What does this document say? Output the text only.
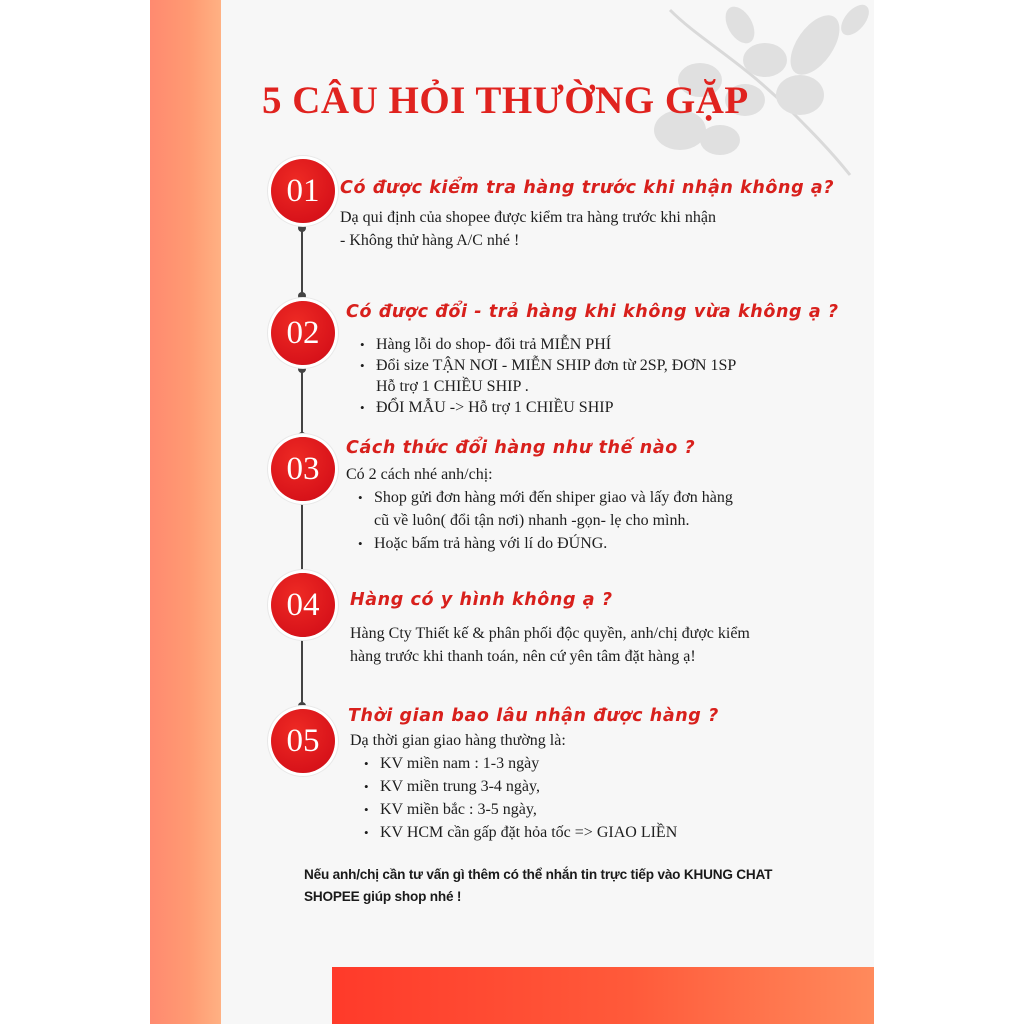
5 CÂU HỎI THƯỜNG GẶP
01	Có được kiểm tra hàng trước khi nhận không ạ?

Dạ qui định của shopee được kiểm tra hàng trước khi nhận

- Không thử hàng A/C nhé !

02
Có được đổi - trả hàng khi không vừa không ạ ?
• Hàng lỗi do shop- đổi trả MIỄN PHÍ
• Đổi size TẬN NƠI - MIỄN SHIP đơn từ 2SP, ĐƠN 1SP
Hỗ trợ 1 CHIỀU SHIP .
• ĐỔI MẪU -> Hỗ trợ 1 CHIỀU SHIP
03
Cách thức đổi hàng như thế nào ?

Có 2 cách nhé anh/chị:

• Shop gửi đơn hàng mới đến shiper giao và lấy đơn hàng
cũ về luôn( đổi tận nơi) nhanh -gọn- lẹ cho mình.
• Hoặc bấm trả hàng với lí do ĐÚNG.
04	Hàng có y hình không ạ ?

Hàng Cty Thiết kế & phân phối độc quyền, anh/chị được kiểm

hàng trước khi thanh toán, nên cứ yên tâm đặt hàng ạ!

05
Thời gian bao lâu nhận được hàng ?

Dạ thời gian giao hàng thường là:

• KV miền nam : 1-3 ngày
• KV miền trung 3-4 ngày,
• KV miền bắc : 3-5 ngày,
• KV HCM cần gấp đặt hỏa tốc => GIAO LIỀN

Nếu anh/chị cần tư vấn gì thêm có thể nhắn tin trực tiếp vào KHUNG CHAT

SHOPEE giúp shop nhé !
